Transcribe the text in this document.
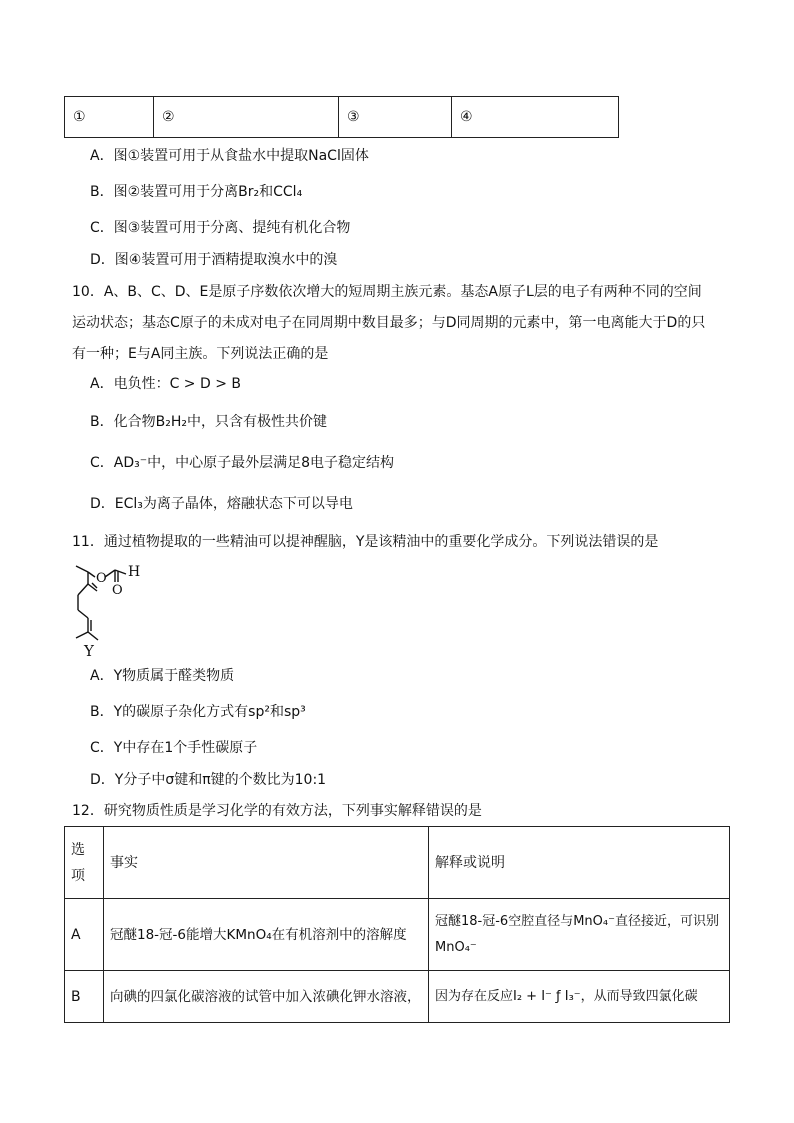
①	②	③	④
A．图①装置可用于从食盐水中提取NaCl固体
B．图②装置可用于分离Br₂和CCl₄
C．图③装置可用于分离、提纯有机化合物
D．图④装置可用于酒精提取溴水中的溴
10．A、B、C、D、E是原子序数依次增大的短周期主族元素。基态A原子L层的电子有两种不同的空间
运动状态；基态C原子的未成对电子在同周期中数目最多；与D同周期的元素中，第一电离能大于D的只
有一种；E与A同主族。下列说法正确的是
A．电负性：C > D > B
B．化合物B₂H₂中，只含有极性共价键
C．AD₃⁻中，中心原子最外层满足8电子稳定结构
D．ECl₃为离子晶体，熔融状态下可以导电
11．通过植物提取的一些精油可以提神醒脑，Y是该精油中的重要化学成分。下列说法错误的是
O H
O
Y
A．Y物质属于醛类物质
B．Y的碳原子杂化方式有sp²和sp³
C．Y中存在1个手性碳原子
D．Y分子中σ键和π键的个数比为10:1
12．研究物质性质是学习化学的有效方法，下列事实解释错误的是
选项	事实	解释或说明
A	冠醚18-冠-6能增大KMnO₄在有机溶剂中的溶解度	冠醚18-冠-6空腔直径与MnO₄⁻直径接近，可识别MnO₄⁻
B	向碘的四氯化碳溶液的试管中加入浓碘化钾水溶液，	因为存在反应I₂ + I⁻ ƒ I₃⁻，从而导致四氯化碳
